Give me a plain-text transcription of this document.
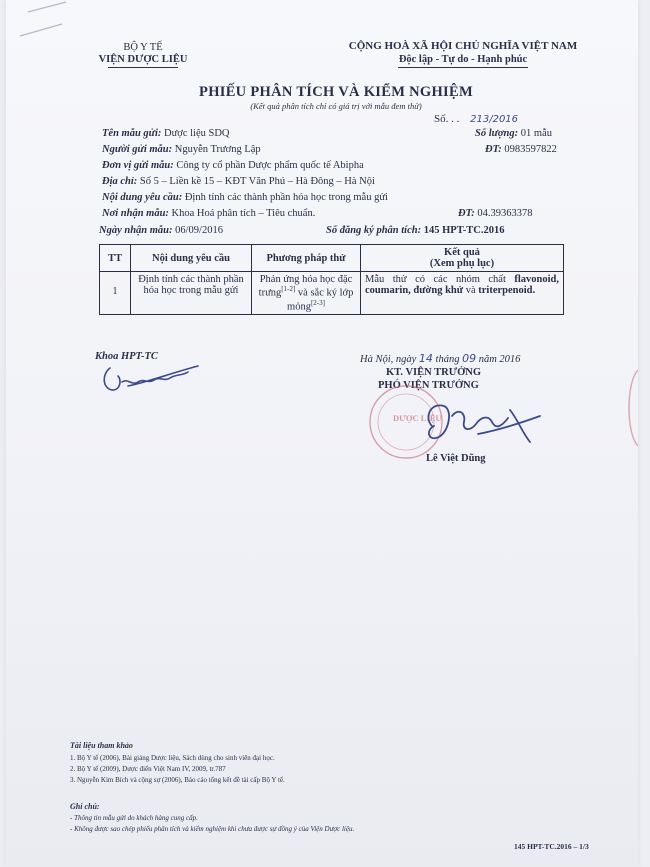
BỘ Y TẾ
VIỆN DƯỢC LIỆU
CỘNG HOÀ XÃ HỘI CHỦ NGHĨA VIỆT NAM
Độc lập - Tự do - Hạnh phúc
PHIẾU PHÂN TÍCH VÀ KIỂM NGHIỆM
(Kết quả phân tích chỉ có giá trị với mẫu đem thử)
Số. . . 213/2016
Tên mẫu gửi: Dược liệu SDQ	Số lượng: 01 mẫu
Người gửi mẫu: Nguyễn Trương Lập	ĐT: 0983597822
Đơn vị gửi mẫu: Công ty cổ phần Dược phẩm quốc tế Abipha
Địa chỉ: Số 5 – Liền kề 15 – KĐT Văn Phú – Hà Đông – Hà Nội
Nội dung yêu cầu: Định tính các thành phần hóa học trong mẫu gửi
Nơi nhận mẫu: Khoa Hoá phân tích – Tiêu chuẩn.	ĐT: 04.39363378
Ngày nhận mẫu: 06/09/2016	Số đăng ký phân tích: 145 HPT-TC.2016
TT	Nội dung yêu cầu	Phương pháp thử	Kết quả
(Xem phụ lục)

1	Định tính các thành phần hóa học trong mẫu gửi	Phản ứng hóa học đặc trưng[1-2] và sắc ký lớp mỏng[2-3]	Mẫu thử có các nhóm chất flavonoid, coumarin, đường khử và triterpenoid.
Khoa HPT-TC	Hà Nội, ngày 14 tháng 09 năm 2016
KT. VIỆN TRƯỞNG
PHÓ VIỆN TRƯỞNG
DƯỢC LIỆU
Lê Việt Dũng
Tài liệu tham khảo
1. Bộ Y tế (2006), Bài giảng Dược liệu, Sách dùng cho sinh viên đại học.
2. Bộ Y tế (2009), Dược điển Việt Nam IV, 2009, tr.787
3. Nguyễn Kim Bích và cộng sự (2006), Báo cáo tổng kết đề tài cấp Bộ Y tế.
Ghi chú:
- Thông tin mẫu gửi do khách hàng cung cấp.
- Không được sao chép phiếu phân tích và kiểm nghiệm khi chưa được sự đồng ý của Viện Dược liệu.
145 HPT-TC.2016 – 1/3
